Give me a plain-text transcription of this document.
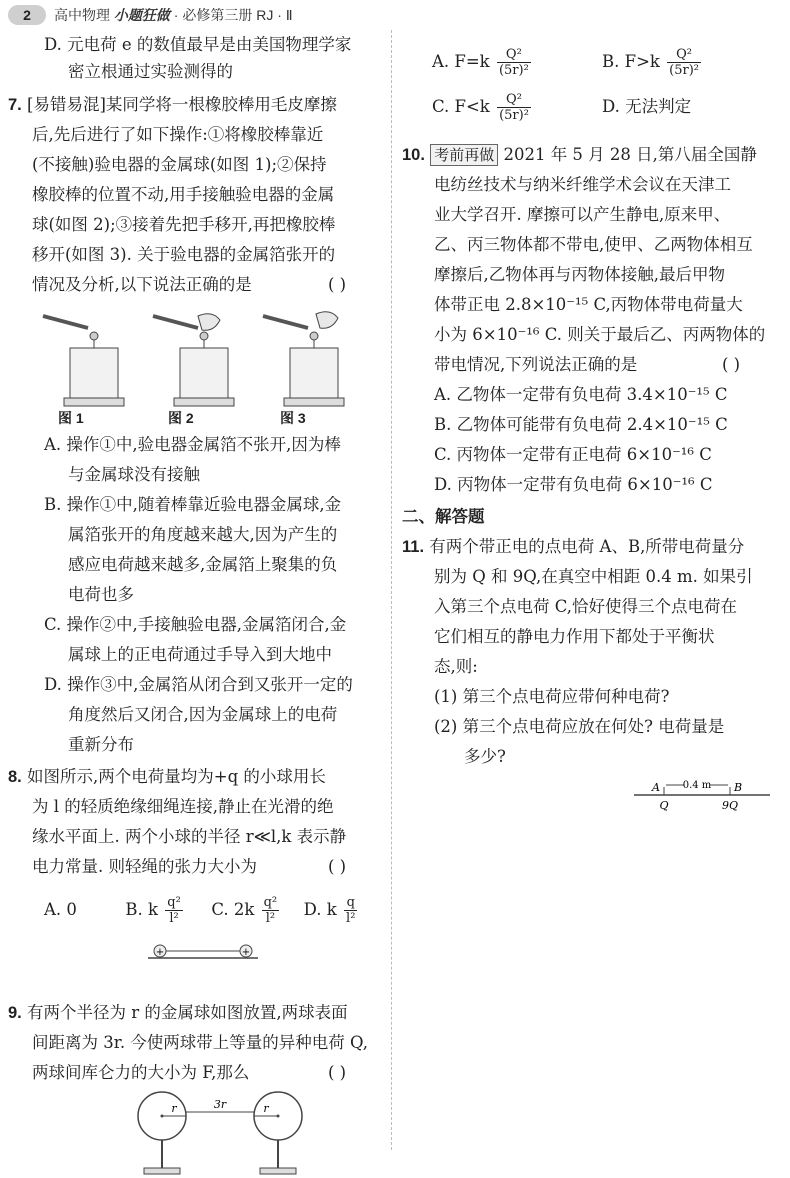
2	高中物理 小题狂做 · 必修第三册 RJ · Ⅱ
D. 元电荷 e 的数值最早是由美国物理学家
密立根通过实验测得的
7. [易错易混]某同学将一根橡胶棒用毛皮摩擦
后,先后进行了如下操作:①将橡胶棒靠近
(不接触)验电器的金属球(如图 1);②保持
橡胶棒的位置不动,用手接触验电器的金属
球(如图 2);③接着先把手移开,再把橡胶棒
移开(如图 3). 关于验电器的金属箔张开的
情况及分析,以下说法正确的是	( )
图 1	图 2	图 3
A. 操作①中,验电器金属箔不张开,因为棒
与金属球没有接触
B. 操作①中,随着棒靠近验电器金属球,金
属箔张开的角度越来越大,因为产生的
感应电荷越来越多,金属箔上聚集的负
电荷也多
C. 操作②中,手接触验电器,金属箔闭合,金
属球上的正电荷通过手导入到大地中
D. 操作③中,金属箔从闭合到又张开一定的
角度然后又闭合,因为金属球上的电荷
重新分布
8. 如图所示,两个电荷量均为+q 的小球用长
为 l 的轻质绝缘细绳连接,静止在光滑的绝
缘水平面上. 两个小球的半径 r≪l,k 表示静
电力常量. 则轻绳的张力大小为	( )
A. 0	B. k $\frac{\text{q²}}{\text{l²}} C$. $2k \frac{\text{q²}}{\text{l²}} D$. k $\frac{q}{\text{l²}}$
+	+
9. 有两个半径为 r 的金属球如图放置,两球表面
间距离为 3r. 今使两球带上等量的异种电荷 Q,
两球间库仑力的大小为 F,那么	( )
r	3r	r
A. $F=k \frac{\text{Q²}}{\text{(5r)²}}$	B. $F>k \frac{\text{Q²}}{\text{(5r)²}}$
C. $F<k \frac{\text{Q²}}{\text{(5r)²}}$	D. 无法判定
10. 考前再做 2021 年 5 月 28 日,第八届全国静
电纺丝技术与纳米纤维学术会议在天津工
业大学召开. 摩擦可以产生静电,原来甲、
乙、丙三物体都不带电,使甲、乙两物体相互
摩擦后,乙物体再与丙物体接触,最后甲物
体带正电 2.8×10⁻¹⁵ C,丙物体带电荷量大
小为 6×10⁻¹⁶ C. 则关于最后乙、丙两物体的
带电情况,下列说法正确的是	( )
A. 乙物体一定带有负电荷 3.4×10⁻¹⁵ C
B. 乙物体可能带有负电荷 2.4×10⁻¹⁵ C
C. 丙物体一定带有正电荷 6×10⁻¹⁶ C
D. 丙物体一定带有负电荷 6×10⁻¹⁶ C
二、解答题
11. 有两个带正电的点电荷 A、B,所带电荷量分
别为 Q 和 9Q,在真空中相距 0.4 m. 如果引
入第三个点电荷 C,恰好使得三个点电荷在
它们相互的静电力作用下都处于平衡状
态,则:
(1) 第三个点电荷应带何种电荷?
(2) 第三个点电荷应放在何处? 电荷量是
多少?
A	B
0.4 m
Q	9Q
